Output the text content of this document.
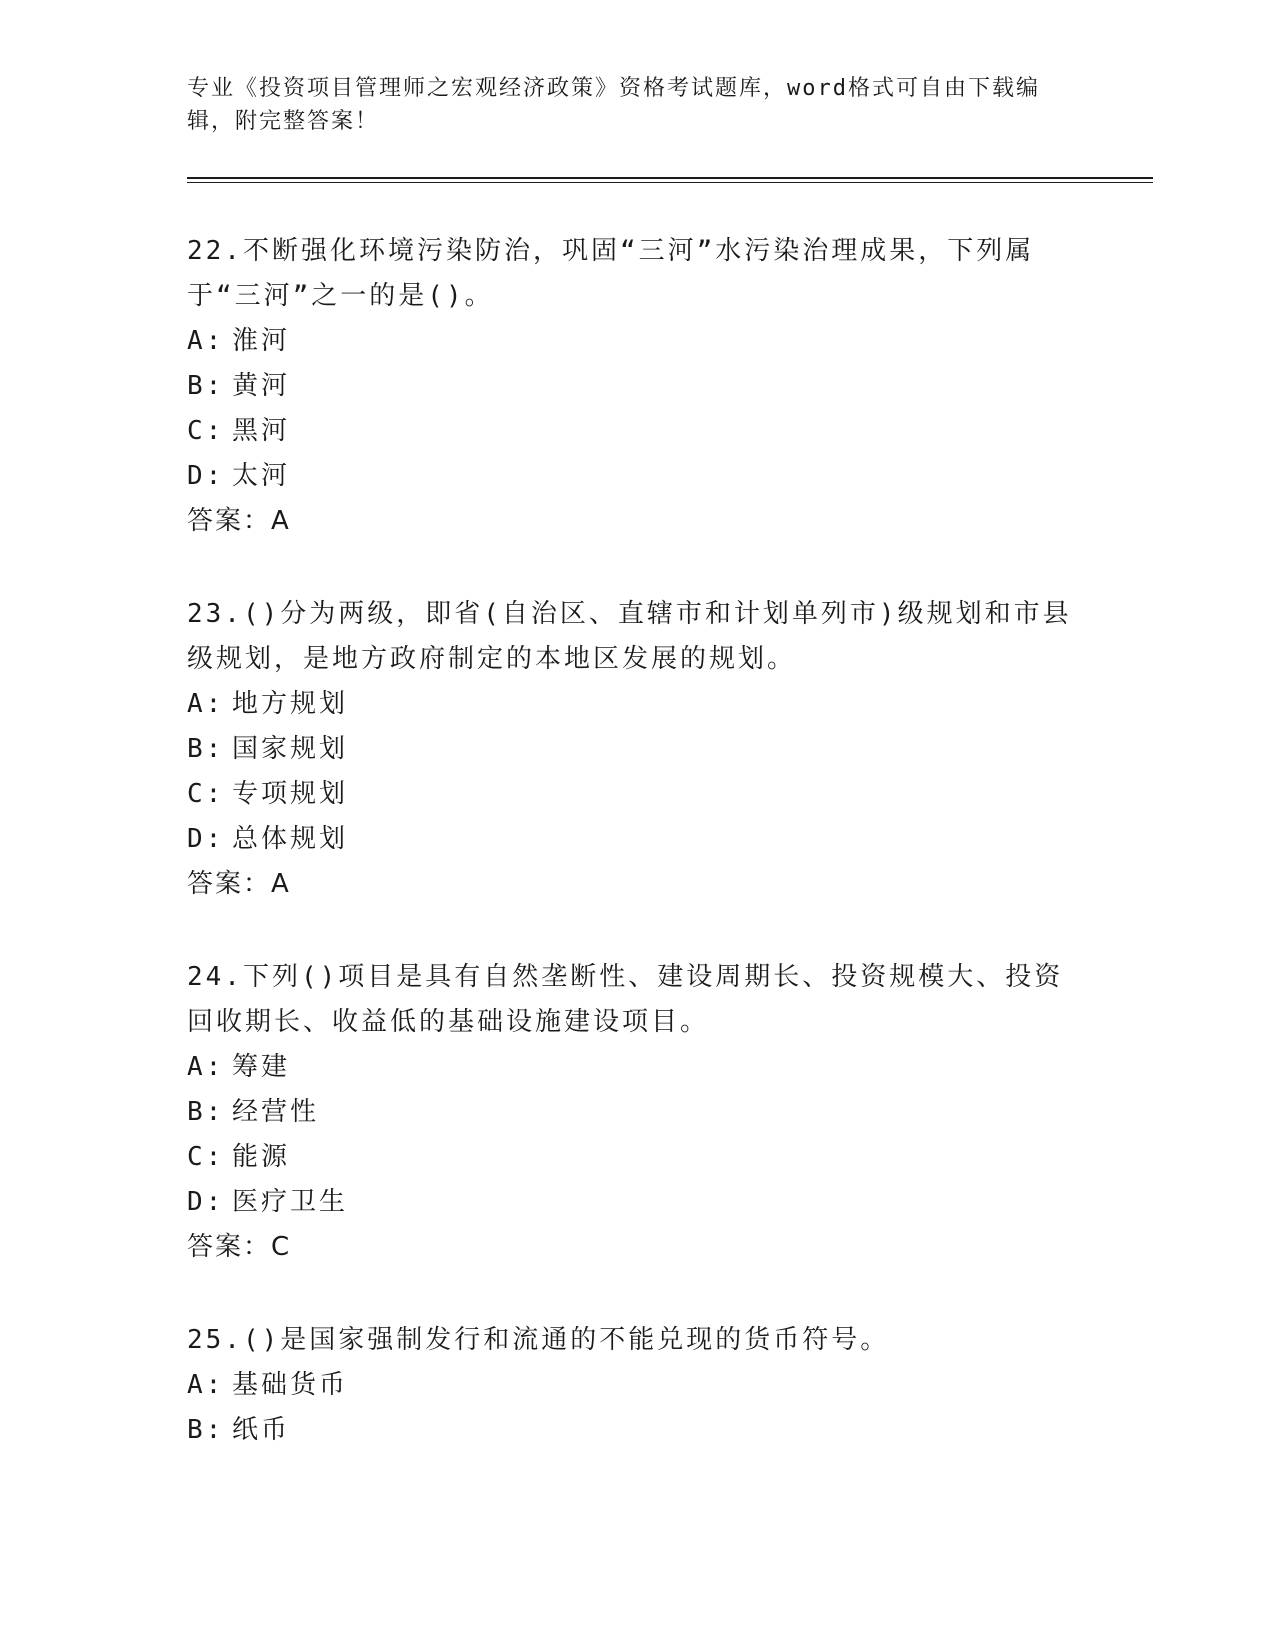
专业《投资项目管理师之宏观经济政策》资格考试题库，word格式可自由下载编辑，附完整答案！
22.不断强化环境污染防治，巩固“三河”水污染治理成果，下列属于“三河”之一的是()。
A: 淮河
B: 黄河
C: 黑河
D: 太河
答案：A
23.()分为两级，即省(自治区、直辖市和计划单列市)级规划和市县级规划，是地方政府制定的本地区发展的规划。
A: 地方规划
B: 国家规划
C: 专项规划
D: 总体规划
答案：A
24.下列()项目是具有自然垄断性、建设周期长、投资规模大、投资回收期长、收益低的基础设施建设项目。
A: 筹建
B: 经营性
C: 能源
D: 医疗卫生
答案：C
25.()是国家强制发行和流通的不能兑现的货币符号。
A: 基础货币
B: 纸币
